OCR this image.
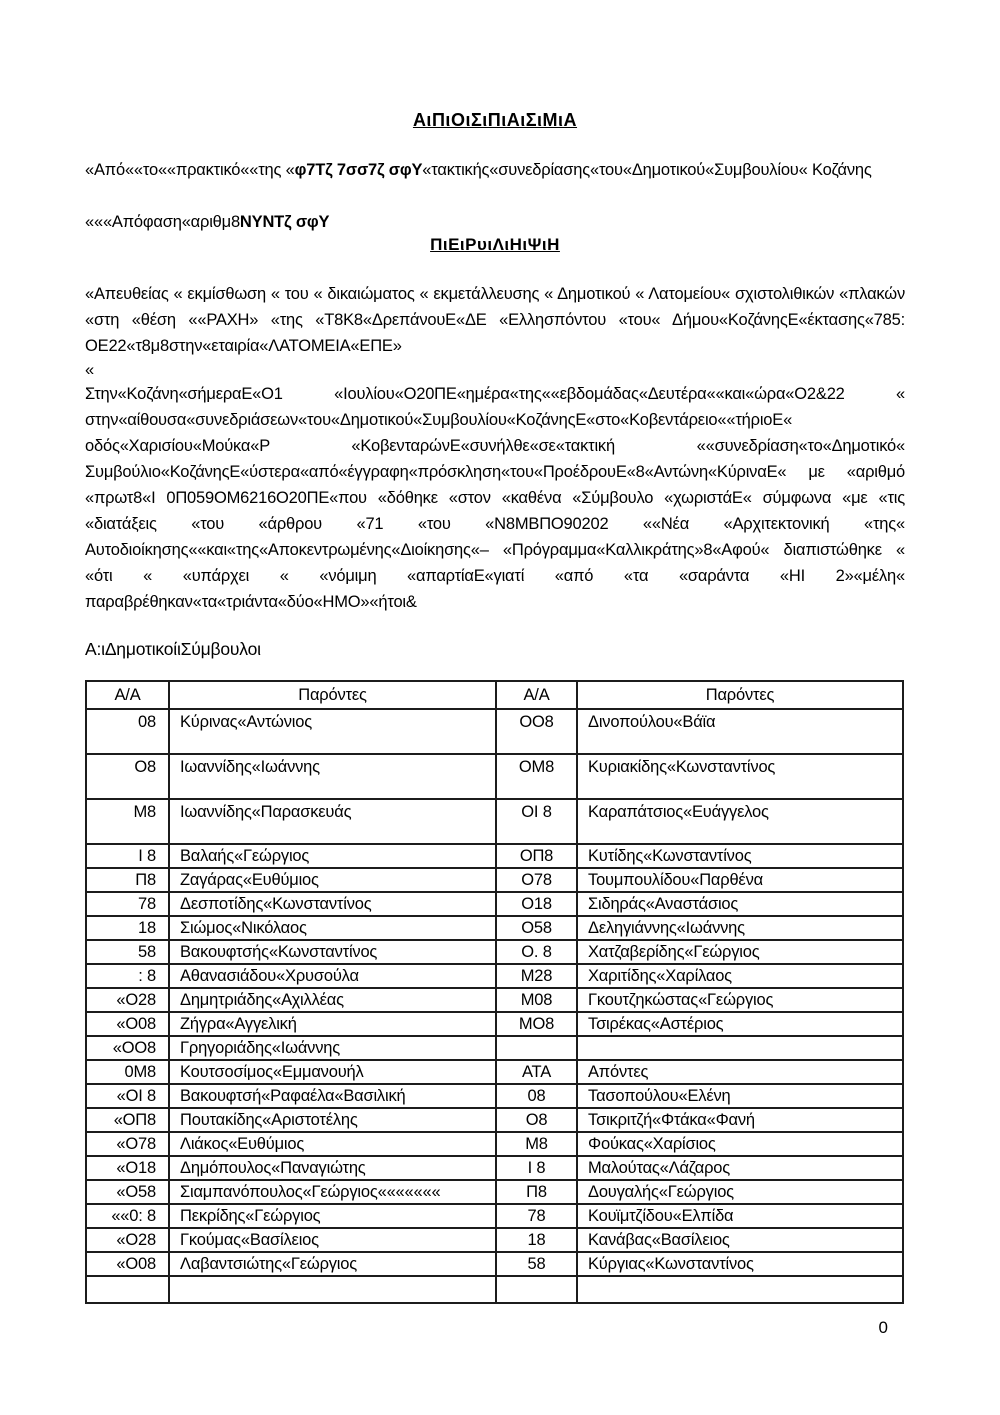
ΑιΠιΟιΣιΠιΑιΣιΜιΑ

«Από««το««πρακτικό««της «φ7Τζ 7σσ7ζ σφΥ«τακτικής«συνεδρίασης«του«Δημοτικού«Συμβουλίου« Κοζάνης

«««Απόφαση«αριθμ8ΝΥΝΤζ σφΥ

ΠιΕιΡυιΛιΗιΨιΗ

«Απευθείας « εκμίσθωση « του « δικαιώματος « εκμετάλλευσης « Δημοτικού « Λατομείου« σχιστολιθικών «πλακών «στη «θέση ««ΡΑΧΗ» «της «Τ8Κ8«ΔρεπάνουΕ«ΔΕ «Ελλησπόντου «του« Δήμου«ΚοζάνηςΕ«έκτασης«785: ΟΕ22«τ8μ8στην«εταιρία«ΛΑΤΟΜΕΙΑ«ΕΠΕ»

«

Στην«Κοζάνη«σήμεραΕ«Ο1 «Ιουλίου«Ο20ΠΕ«ημέρα«της««εβδομάδας«Δευτέρα««και«ώρα«Ο2&22 « στην«αίθουσα«συνεδριάσεων«του«Δημοτικού«Συμβουλίου«ΚοζάνηςΕ«στο«Κοβεντάρειο««τήριοΕ« οδός«Χαρισίου«Μούκα«Ρ «ΚοβενταρώνΕ«συνήλθε«σε«τακτική ««συνεδρίαση«το«Δημοτικό« Συμβούλιο«ΚοζάνηςΕ«ύστερα«από«έγγραφη«πρόσκληση«του«ΠροέδρουΕ«8«Αντώνη«ΚύριναΕ« με «αριθμό «πρωτ8«Ι 0Π059ΟΜ6216Ο20ΠΕ«που «δόθηκε «στον «καθένα «Σύμβουλο «χωριστάΕ« σύμφωνα «με «τις «διατάξεις «του «άρθρου «71 «του «Ν8ΜΒΠΟ90202 ««Νέα «Αρχιτεκτονική «της« Αυτοδιοίκησης««και«της«Αποκεντρωμένης«Διοίκησης«– «Πρόγραμμα«Καλλικράτης»8«Αφού« διαπιστώθηκε « «ότι « «υπάρχει « «νόμιμη «απαρτίαΕ«γιατί «από «τα «σαράντα «ΗΙ 2»«μέλη« παραβρέθηκαν«τα«τριάντα«δύο«ΗΜΟ»«ήτοι&

Α:ιΔημοτικοίιΣύμβουλοι

Α/Α	Παρόντες	Α/Α	Παρόντες
08	Κύρινας«Αντώνιος	ΟΟ8	Δινοπούλου«Βάϊα
Ο8	Ιωαννίδης«Ιωάννης	ΟΜ8	Κυριακίδης«Κωνσταντίνος
Μ8	Ιωαννίδης«Παρασκευάς	ΟΙ 8	Καραπάτσιος«Ευάγγελος
Ι 8	Βαλαής«Γεώργιος	ΟΠ8	Κυτίδης«Κωνσταντίνος
Π8	Ζαγάρας«Ευθύμιος	Ο78	Τουμπουλίδου«Παρθένα
78	Δεσποτίδης«Κωνσταντίνος	Ο18	Σιδηράς«Αναστάσιος
18	Σιώμος«Νικόλαος	Ο58	Δεληγιάννης«Ιωάννης
58	Βακουφτσής«Κωνσταντίνος	Ο. 8	Χατζαβερίδης«Γεώργιος
: 8	Αθανασιάδου«Χρυσούλα	Μ28	Χαριτίδης«Χαρίλαος
«Ο28	Δημητριάδης«Αχιλλέας	Μ08	Γκουτζηκώστας«Γεώργιος
«Ο08	Ζήγρα«Αγγελική	ΜΟ8	Τσιρέκας«Αστέριος
«ΟΟ8	Γρηγοριάδης«Ιωάννης		
0Μ8	Κουτσοσίμος«Εμμανουήλ	ΑΤΑ	Απόντες
«ΟΙ 8	Βακουφτσή«Ραφαέλα«Βασιλική	08	Τασοπούλου«Ελένη
«ΟΠ8	Πουτακίδης«Αριστοτέλης	Ο8	Τσικριτζή«Φτάκα«Φανή
«Ο78	Λιάκος«Ευθύμιος	Μ8	Φούκας«Χαρίσιος
«Ο18	Δημόπουλος«Παναγιώτης	Ι 8	Μαλούτας«Λάζαρος
«Ο58	Σιαμπανόπουλος«Γεώργιος«««««««	Π8	Δουγαλής«Γεώργιος
««0: 8	Πεκρίδης«Γεώργιος	78	Κουϊμτζίδου«Ελπίδα
«Ο28	Γκούμας«Βασίλειος	18	Κανάβας«Βασίλειος
«Ο08	Λαβαντσιώτης«Γεώργιος	58	Κύργιας«Κωνσταντίνος

0
